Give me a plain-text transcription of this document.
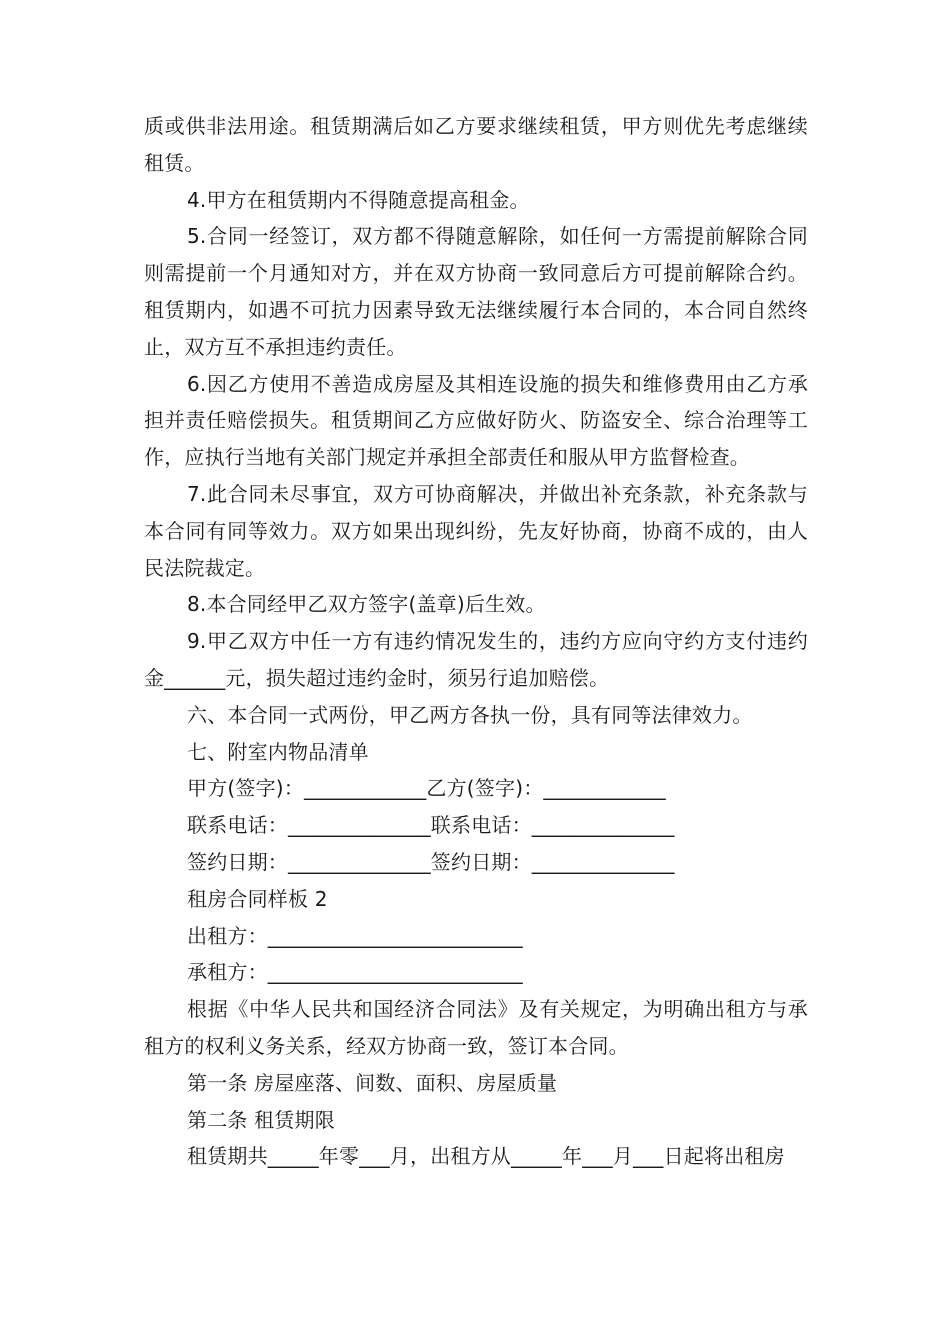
质或供非法用途。租赁期满后如乙方要求继续租赁，甲方则优先考虑继续租赁。

4.甲方在租赁期内不得随意提高租金。

5.合同一经签订，双方都不得随意解除，如任何一方需提前解除合同则需提前一个月通知对方，并在双方协商一致同意后方可提前解除合约。租赁期内，如遇不可抗力因素导致无法继续履行本合同的，本合同自然终止，双方互不承担违约责任。

6.因乙方使用不善造成房屋及其相连设施的损失和维修费用由乙方承担并责任赔偿损失。租赁期间乙方应做好防火、防盗安全、综合治理等工作，应执行当地有关部门规定并承担全部责任和服从甲方监督检查。

7.此合同未尽事宜，双方可协商解决，并做出补充条款，补充条款与本合同有同等效力。双方如果出现纠纷，先友好协商，协商不成的，由人民法院裁定。

8.本合同经甲乙双方签字(盖章)后生效。

9.甲乙双方中任一方有违约情况发生的，违约方应向守约方支付违约金______元，损失超过违约金时，须另行追加赔偿。

六、本合同一式两份，甲乙两方各执一份，具有同等法律效力。

七、附室内物品清单

甲方(签字)：____________乙方(签字)：____________

联系电话：______________联系电话：______________

签约日期：______________签约日期：______________

租房合同样板 2

出租方：_________________________

承租方：_________________________

根据《中华人民共和国经济合同法》及有关规定，为明确出租方与承租方的权利义务关系，经双方协商一致，签订本合同。

第一条 房屋座落、间数、面积、房屋质量

第二条 租赁期限

租赁期共_____年零___月，出租方从_____年___月___日起将出租房
